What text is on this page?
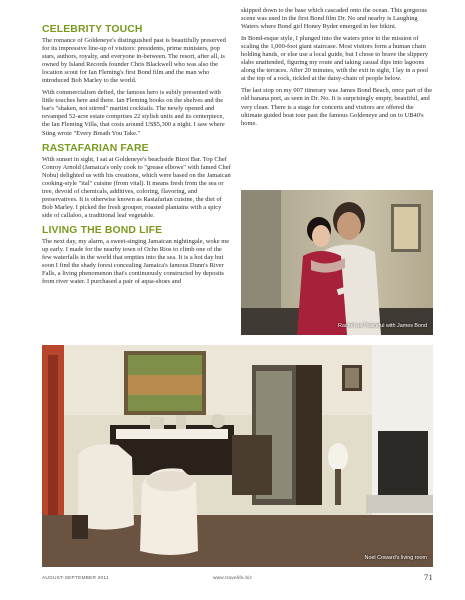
CELEBRITY TOUCH

The romance of Goldeneye's distinguished past is beautifully preserved for its impressive line-up of visitors: presidents, prime ministers, pop stars, authors, royalty, and everyone in-between. The resort, after all, is owned by Island Records founder Chris Blackwell who was also the location scout for Ian Fleming's first Bond film and the man who introduced Bob Marley to the world.

With commercialism defied, the famous hero is subtly presented with little touches here and there. Ian Fleming books on the shelves and the bar's "shaken, not stirred" martini cocktails. The newly opened and revamped 52-acre estate comprises 22 stylish units and its centerpiece, the Ian Fleming Villa, that costs around US$5,300 a night. I saw where Sting wrote "Every Breath You Take."

RASTAFARIAN FARE

With sunset in sight, I sat at Goldeneye's beachside Bizot Bar. Top Chef Conroy Arnold (Jamaica's only cook to "grease elbows" with famed Chef Nobu) delighted us with his creations, which were based on the Jamaican cooking-style "ital" cuisine (from vital). It means fresh from the sea or tree, devoid of chemicals, additives, coloring, flavoring, and preservatives. It is otherwise known as Rastafarian cuisine, the diet of Bob Marley. I picked the fresh grouper, roasted plantains with a spicy side of callaloo, a traditional leaf vegetable.

LIVING THE BOND LIFE

The next day, my alarm, a sweet-singing Jamaican nightingale, woke me up early. I made for the nearby town of Ocho Rios to climb one of the few waterfalls in the world that empties into the sea. It is a hot day but soon I find the shady forest concealing Jamaica's famous Dunn's River Falls, a living phenomenon that's continuously constructed by deposits from river water. I purchased a pair of aqua-shoes and

skipped down to the base which cascaded onto the ocean. This gorgeous scene was used in the first Bond film Dr. No and nearby is Laughing Waters where Bond girl Honey Ryder emerged in her bikini.

In Bond-esque style, I plunged into the waters prior to the mission of scaling the 1,000-foot giant staircase. Most visitors form a human chain holding hands, or else use a local guide, but I chose to brave the slippery slabs unattended, figuring my route and taking casual dips into lagoons along the terraces. After 20 minutes, with the exit in sight, I lay in a pool at the top of a rock, tickled at the daisy-chain of people below.

The last stop on my 007 itinerary was James Bond Beach, once part of the old banana port, as seen in Dr. No. It is surprisingly empty, beautiful, and very clean. There is a stage for concerts and visitors are offered the ultimate guided boat tour past the famous Goldeneye and on to UB40's home.

Rachel as Peaceful with James Bond
Noel Coward's living room
AUGUST-SEPTEMBER 2011	www.travelife.biz	71
